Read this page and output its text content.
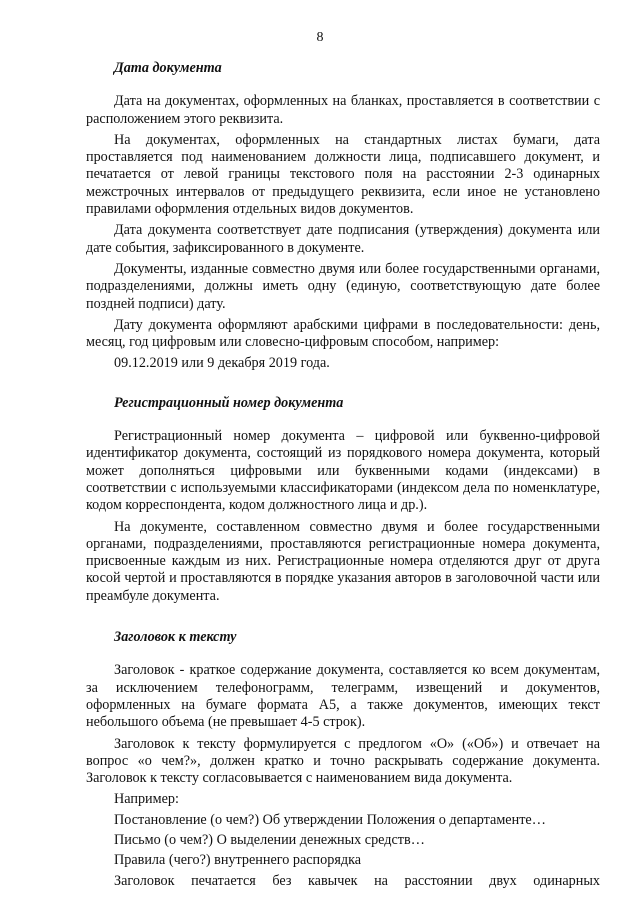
8
Дата документа

Дата на документах, оформленных на бланках, проставляется в соответствии с расположением этого реквизита.

На документах, оформленных на стандартных листах бумаги, дата проставляется под наименованием должности лица, подписавшего документ, и печатается от левой границы текстового поля на расстоянии 2-3 одинарных межстрочных интервалов от предыдущего реквизита, если иное не установлено правилами оформления отдельных видов документов.

Дата документа соответствует дате подписания (утверждения) документа или дате события, зафиксированного в документе.

Документы, изданные совместно двумя или более государственными органами, подразделениями, должны иметь одну (единую, соответствующую дате более поздней подписи) дату.

Дату документа оформляют арабскими цифрами в последовательности: день, месяц, год цифровым или словесно-цифровым способом, например:

09.12.2019 или 9 декабря 2019 года.

Регистрационный номер документа

Регистрационный номер документа – цифровой или буквенно-цифровой идентификатор документа, состоящий из порядкового номера документа, который может дополняться цифровыми или буквенными кодами (индексами) в соответствии с используемыми классификаторами (индексом дела по номенклатуре, кодом корреспондента, кодом должностного лица и др.).

На документе, составленном совместно двумя и более государственными органами, подразделениями, проставляются регистрационные номера документа, присвоенные каждым из них. Регистрационные номера отделяются друг от друга косой чертой и проставляются в порядке указания авторов в заголовочной части или преамбуле документа.

Заголовок к тексту

Заголовок - краткое содержание документа, составляется ко всем документам, за исключением телефонограмм, телеграмм, извещений и документов, оформленных на бумаге формата А5, а также документов, имеющих текст небольшого объема (не превышает 4-5 строк).

Заголовок к тексту формулируется с предлогом «О» («Об») и отвечает на вопрос «о чем?», должен кратко и точно раскрывать содержание документа. Заголовок к тексту согласовывается с наименованием вида документа.

Например:

Постановление (о чем?) Об утверждении Положения о департаменте…

Письмо (о чем?) О выделении денежных средств…

Правила (чего?) внутреннего распорядка

Заголовок печатается без кавычек на расстоянии двух одинарных
